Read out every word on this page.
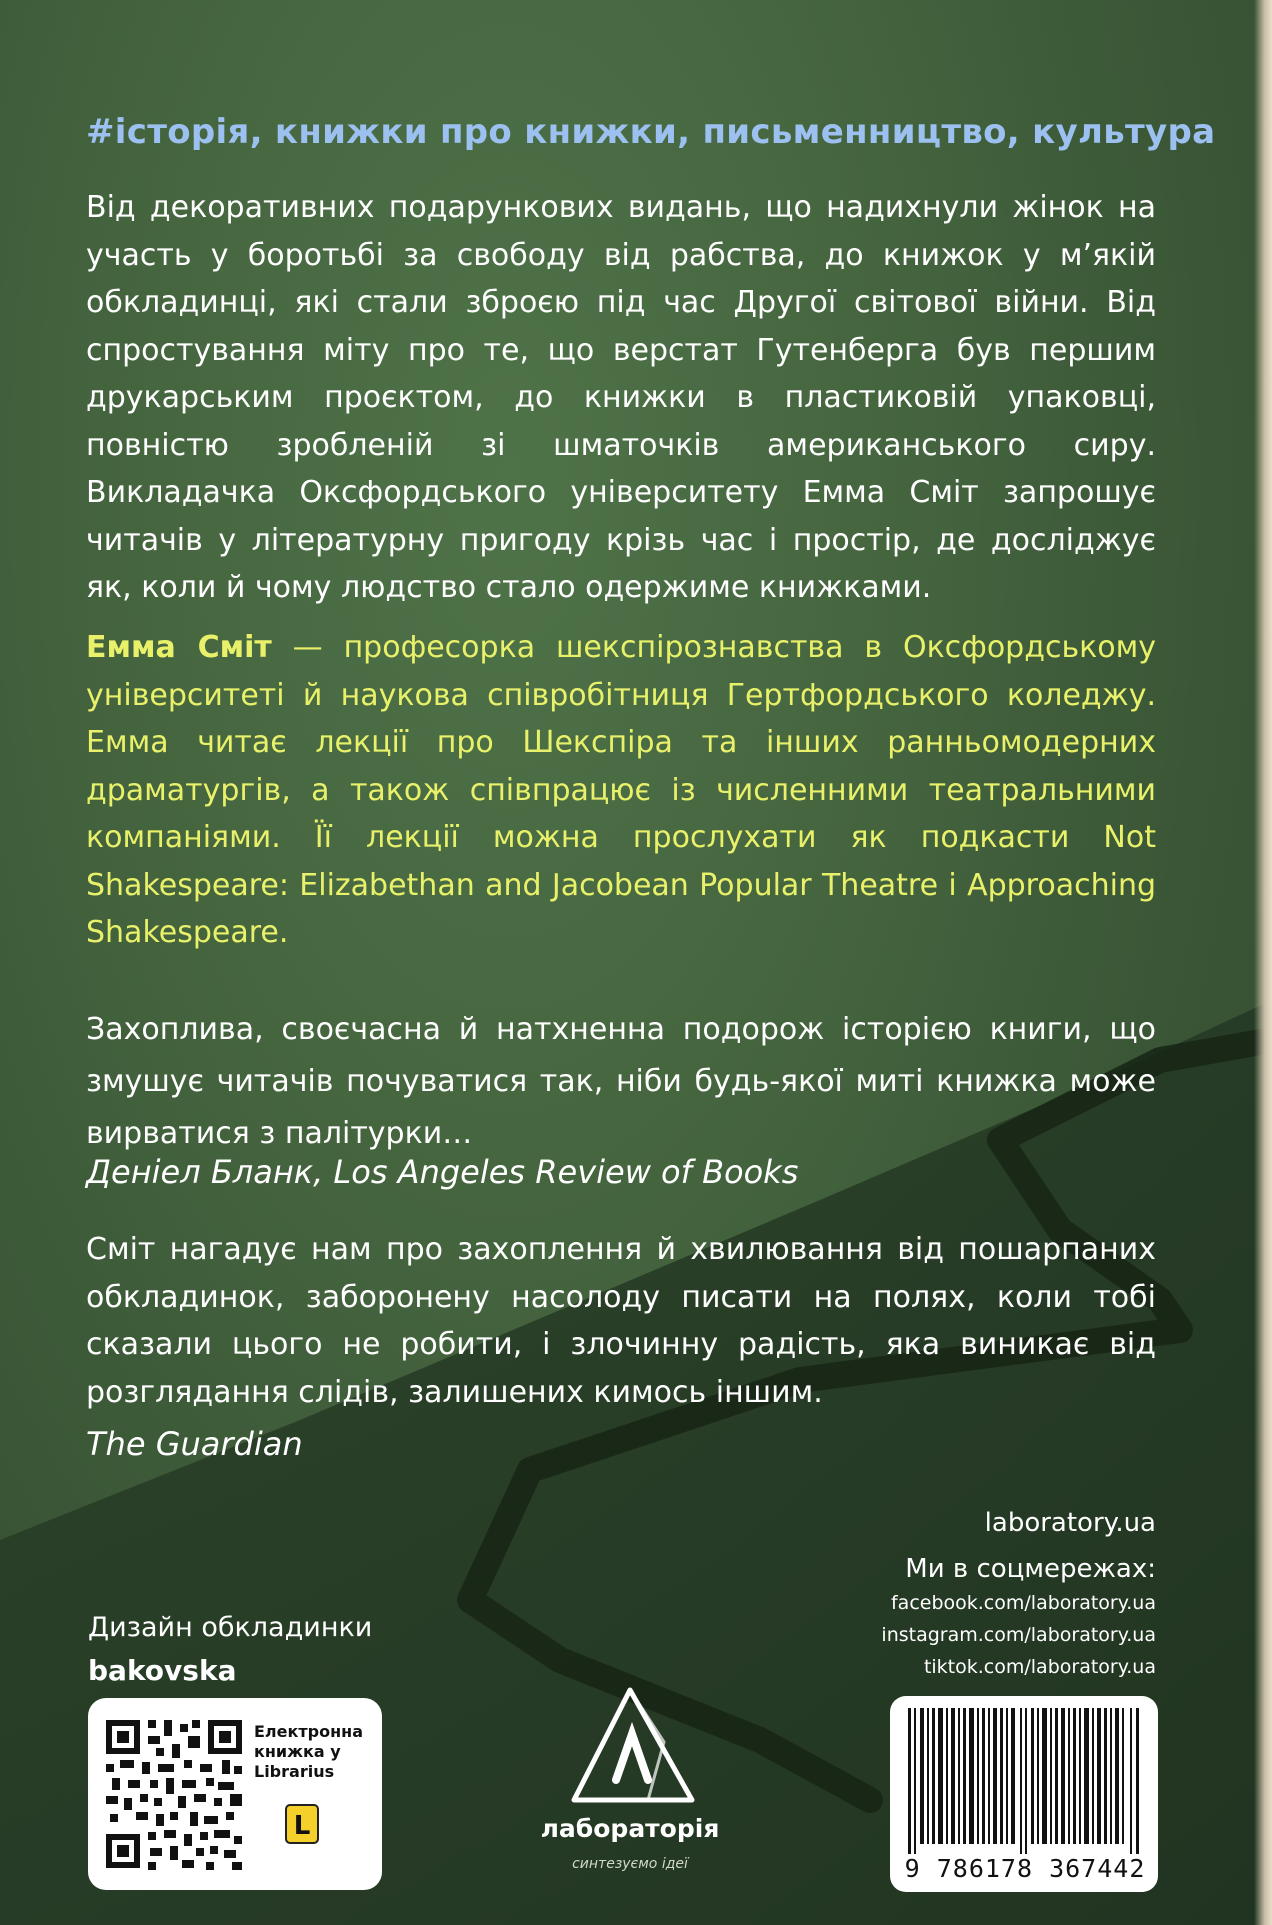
#історія, книжки про книжки, письменництво, культура

Від декоративних подарункових видань, що надихнули жінок на участь у боротьбі за свободу від рабства, до книжок у м’якій обкладинці, які стали зброєю під час Другої світової війни. Від спростування міту про те, що верстат Гутенберга був першим друкарським проєктом, до книжки в пластиковій упаковці, повністю зробленій зі шматочків американського сиру. Викладачка Оксфордського університету Емма Сміт запрошує читачів у літературну пригоду крізь час і простір, де досліджує як, коли й чому людство стало одержиме книжками.

Емма Сміт — професорка шекспірознавства в Оксфордському університеті й наукова співробітниця Гертфордського коледжу. Емма читає лекції про Шекспіра та інших ранньомодерних драматургів, а також співпрацює із численними театральними компаніями. Її лекції можна прослухати як подкасти Not Shakespeare: Elizabethan and Jacobean Popular Theatre і Approaching Shakespeare.

Захоплива, своєчасна й натхненна подорож історією книги, що змушує читачів почуватися так, ніби будь-якої миті книжка може вирватися з палітурки…

Деніел Бланк, Los Angeles Review of Books

Сміт нагадує нам про захоплення й хвилювання від пошарпаних обкладинок, заборонену насолоду писати на полях, коли тобі сказали цього не робити, і злочинну радість, яка виникає від розглядання слідів, залишених кимось іншим.

The Guardian
laboratory.ua
Ми в соцмережах:
facebook.com/laboratory.ua
instagram.com/laboratory.ua
tiktok.com/laboratory.ua
Дизайн обкладинки
bakovska

Електронна книжка у Librarius

L	лабораторія
синтезуємо ідеї	9 786178 367442
